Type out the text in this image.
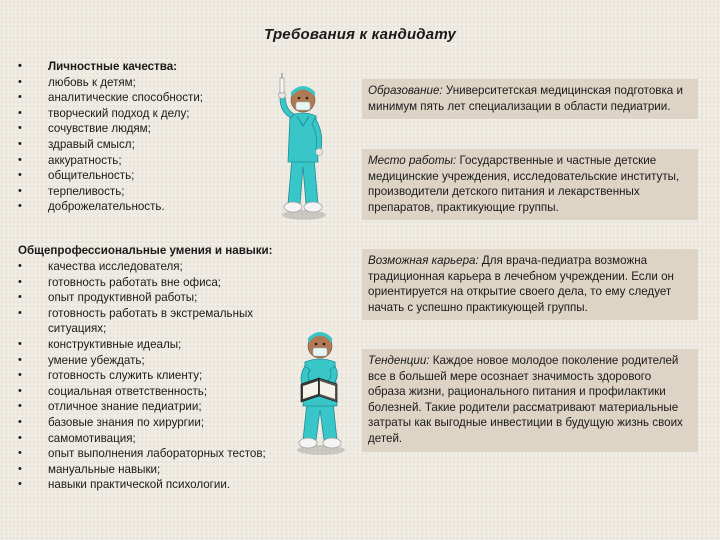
Требования к кандидату
• Личностные качества:
• любовь к детям;
• аналитические способности;
• творческий подход к делу;
• сочувствие людям;
• здравый смысл;
• аккуратность;
• общительность;
• терпеливость;
• доброжелательность.
Общепрофессиональные умения и навыки:
• качества исследователя;
• готовность работать вне офиса;
• опыт продуктивной работы;
• готовность работать в экстремальных ситуациях;
• конструктивные идеалы;
• умение убеждать;
• готовность служить клиенту;
• социальная ответственность;
• отличное знание педиатрии;
• базовые знания по хирургии;
• самомотивация;
• опыт выполнения лабораторных тестов;
• мануальные навыки;
• навыки практической психологии.
Образование: Университетская медицинская подготовка и минимум пять лет специализации в области педиатрии.
Место работы: Государственные и частные детские медицинские учреждения, исследовательские институты, производители детского питания и лекарственных препаратов, практикующие группы.
Возможная карьера: Для врача-педиатра возможна традиционная карьера в лечебном учреждении. Если он ориентируется на открытие своего дела, то ему следует начать с успешно практикующей группы.
Тенденции: Каждое новое молодое поколение родителей все в большей мере осознает значимость здорового образа жизни, рационального питания и профилактики болезней. Такие родители рассматривают материальные затраты как выгодные инвестиции в будущую жизнь своих детей.
